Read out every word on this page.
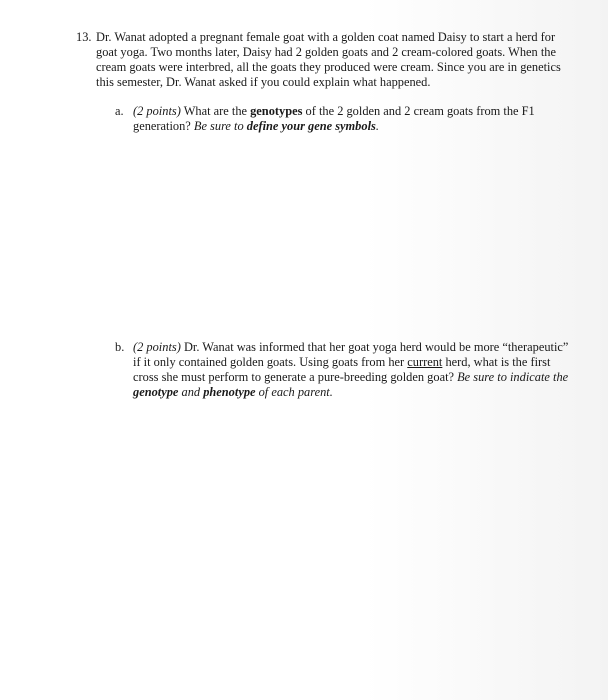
13. Dr. Wanat adopted a pregnant female goat with a golden coat named Daisy to start a herd for goat yoga. Two months later, Daisy had 2 golden goats and 2 cream-colored goats. When the cream goats were interbred, all the goats they produced were cream. Since you are in genetics this semester, Dr. Wanat asked if you could explain what happened.
a. (2 points) What are the genotypes of the 2 golden and 2 cream goats from the F1 generation? Be sure to define your gene symbols.
b. (2 points) Dr. Wanat was informed that her goat yoga herd would be more “therapeutic” if it only contained golden goats. Using goats from her current herd, what is the first cross she must perform to generate a pure-breeding golden goat? Be sure to indicate the genotype and phenotype of each parent.
